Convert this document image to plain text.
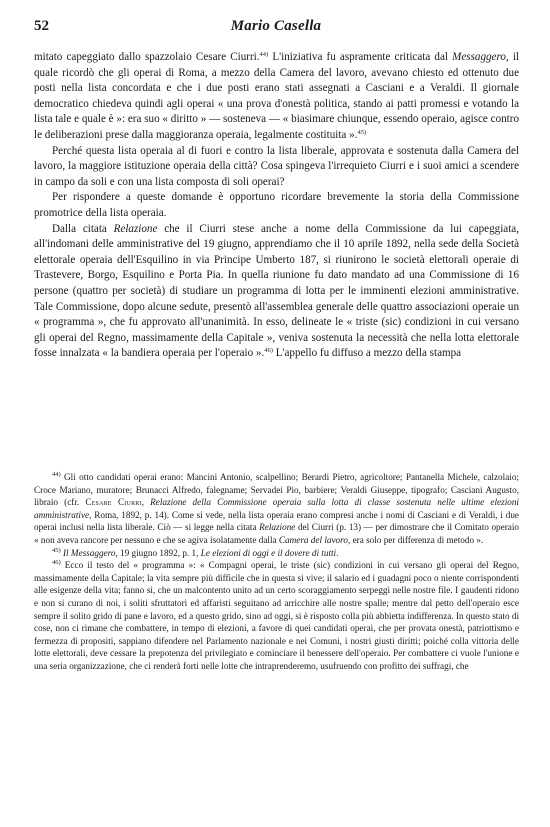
52	Mario Casella

mitato capeggiato dallo spazzolaio Cesare Ciurri.$^{44)}$ L'iniziativa fu aspramente criticata dal Messaggero, il quale ricordò che gli operai di Roma, a mezzo della Camera del lavoro, avevano chiesto ed ottenuto due posti nella lista concordata e che i due posti erano stati assegnati a Casciani e a Veraldi. Il giornale democratico chiedeva quindi agli operai « una prova d'onestà politica, stando ai patti promessi e votando la lista tale e quale è »: era suo « diritto » — sosteneva — « biasimare chiunque, essendo operaio, agisce contro le deliberazioni prese dalla maggioranza operaia, legalmente costituita ».$^{45)}$

Perché questa lista operaia al di fuori e contro la lista liberale, approvata e sostenuta dalla Camera del lavoro, la maggiore istituzione operaia della città? Cosa spingeva l'irrequieto Ciurri e i suoi amici a scendere in campo da soli e con una lista composta di soli operai?

Per rispondere a queste domande è opportuno ricordare brevemente la storia della Commissione promotrice della lista operaia.

Dalla citata Relazione che il Ciurri stese anche a nome della Commissione da lui capeggiata, all'indomani delle amministrative del 19 giugno, apprendiamo che il 10 aprile 1892, nella sede della Società elettorale operaia dell'Esquilino in via Principe Umberto 187, si riunirono le società elettorali operaie di Trastevere, Borgo, Esquilino e Porta Pia. In quella riunione fu dato mandato ad una Commissione di 16 persone (quattro per società) di studiare un programma di lotta per le imminenti elezioni amministrative. Tale Commissione, dopo alcune sedute, presentò all'assemblea generale delle quattro associazioni operaie un « programma », che fu approvato all'unanimità. In esso, delineate le « triste (sic) condizioni in cui versano gli operai del Regno, massimamente della Capitale », veniva sostenuta la necessità che nella lotta elettorale fosse innalzata « la bandiera operaia per l'operaio ».$^{46)}$ L'appello fu diffuso a mezzo della stampa

$^{44)}$ Gli otto candidati operai erano: Mancini Antonio, scalpellino; Berardi Pietro, agricoltore; Pantanella Michele, calzolaio; Croce Mariano, muratore; Brunacci Alfredo, falegname; Servadei Pio, barbiere; Veraldi Giuseppe, tipografo; Casciani Augusto, libraio (cfr. Cesare Ciurri, Relazione della Commissione operaia sulla lotta di classe sostenuta nelle ultime elezioni amministrative, Roma, 1892, p. 14). Come si vede, nella lista operaia erano compresi anche i nomi di Casciani e di Veraldi, i due operai inclusi nella lista liberale. Ciò — si legge nella citata Relazione del Ciurri (p. 13) — per dimostrare che il Comitato operaio « non aveva rancore per nessuno e che se agiva isolatamente dalla Camera del lavoro, era solo per differenza di metodo ».

$^{45)}$ Il Messaggero, 19 giugno 1892, p. 1, Le elezioni di oggi e il dovere di tutti.

$^{46)}$ Ecco il testo del « programma »: « Compagni operai, le triste (sic) condizioni in cui versano gli operai del Regno, massimamente della Capitale; la vita sempre più difficile che in questa si vive; il salario ed i guadagni poco o niente corrispondenti alle esigenze della vita; fanno sì, che un malcontento unito ad un certo scoraggiamento serpeggi nelle nostre file. I gaudenti ridono e non si curano di noi, i soliti sfruttatori ed affaristi seguitano ad arricchire alle nostre spalle; mentre dal petto dell'operaio esce sempre il solito grido di pane e lavoro, ed a questo grido, sino ad oggi, si è risposto colla più abbietta indifferenza. In questo stato di cose, non ci rimane che combattere, in tempo di elezioni, a favore di quei candidati operai, che per provata onestà, patriottismo e fermezza di propositi, sappiano difendere nel Parlamento nazionale e nei Comuni, i nostri giusti diritti; poiché colla vittoria delle lotte elettorali, deve cessare la prepotenza del privilegiato e cominciare il benessere dell'operaio. Per combattere ci vuole l'unione e una seria organizzazione, che ci renderà forti nelle lotte che intraprenderemo, usufruendo con profitto dei suffragi, che
